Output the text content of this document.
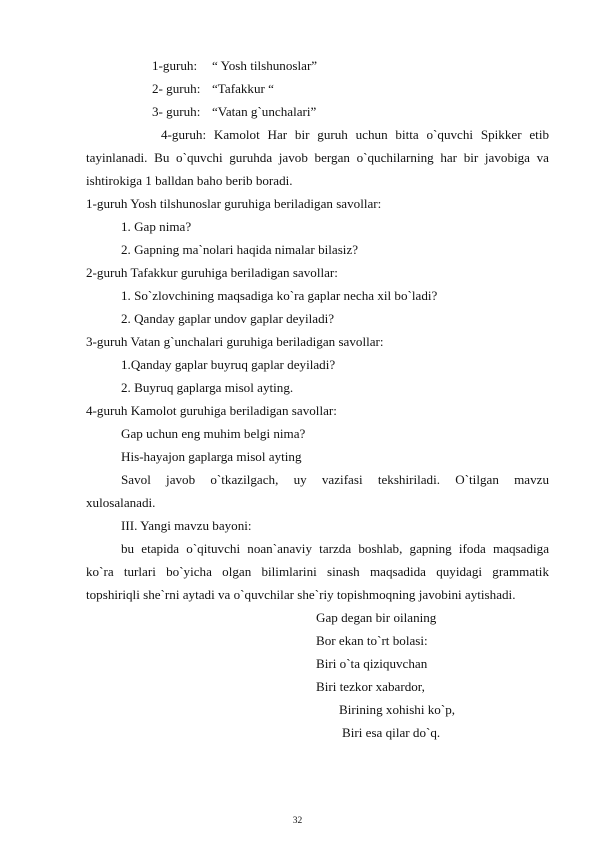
1-guruh: “ Yosh tilshunoslar”
2- guruh: “Tafakkur “
3- guruh: “Vatan g`unchalari”
4-guruh: Kamolot Har bir guruh uchun bitta o`quvchi Spikker etib
tayinlanadi. Bu o`quvchi guruhda javob bergan o`quchilarning har bir javobiga va
ishtirokiga 1 balldan baho berib boradi.
1-guruh Yosh tilshunoslar guruhiga beriladigan savollar:
1. Gap nima?
2. Gapning ma`nolari haqida nimalar bilasiz?
2-guruh Tafakkur guruhiga beriladigan savollar:
1. So`zlovchining maqsadiga ko`ra gaplar necha xil bo`ladi?
2. Qanday gaplar undov gaplar deyiladi?
3-guruh Vatan g`unchalari guruhiga beriladigan savollar:
1.Qanday gaplar buyruq gaplar deyiladi?
2. Buyruq gaplarga misol ayting.
4-guruh Kamolot guruhiga beriladigan savollar:
Gap uchun eng muhim belgi nima?
His-hayajon gaplarga misol ayting
Savol javob o`tkazilgach, uy vazifasi tekshiriladi. O`tilgan mavzu
xulosalanadi.
III. Yangi mavzu bayoni:
bu etapida o`qituvchi noan`anaviy tarzda boshlab, gapning ifoda maqsadiga
ko`ra turlari bo`yicha olgan bilimlarini sinash maqsadida quyidagi grammatik
topshiriqli she`rni aytadi va o`quvchilar she`riy topishmoqning javobini aytishadi.
Gap degan bir oilaning
Bor ekan to`rt bolasi:
Biri o`ta qiziquvchan
Biri tezkor xabardor,
Birining xohishi ko`p,
Biri esa qilar do`q.
32
